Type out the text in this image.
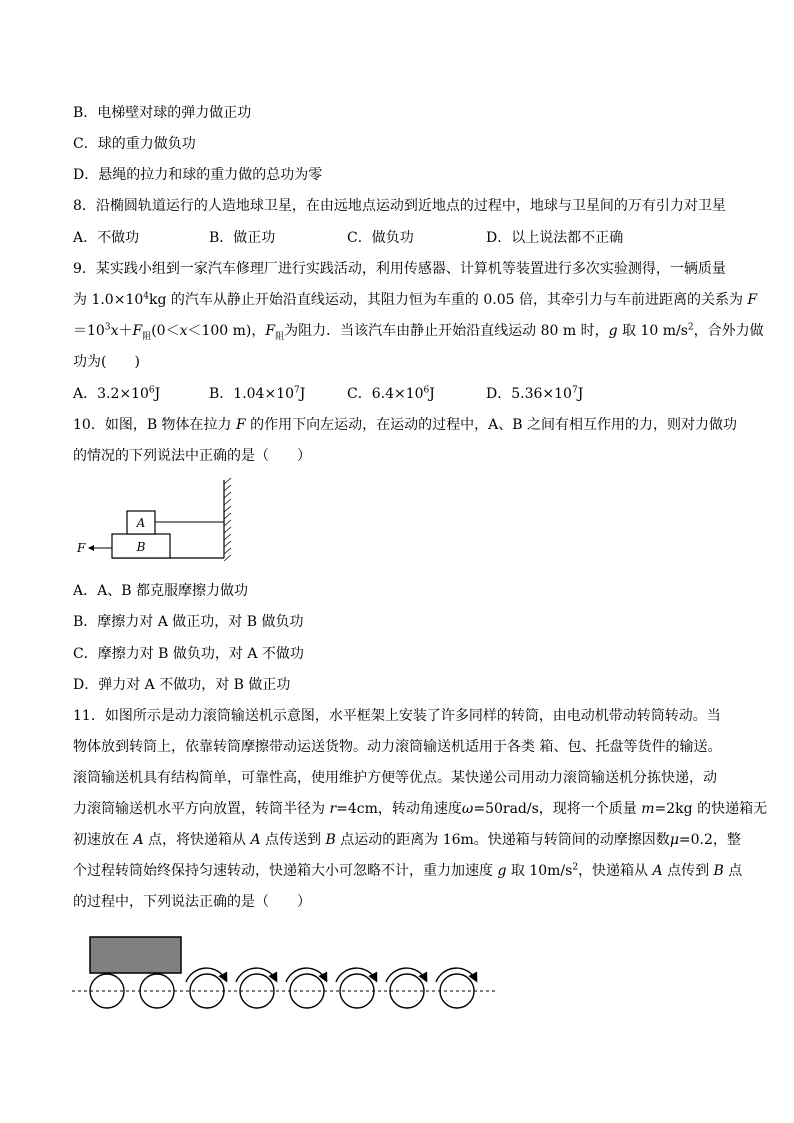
B．电梯壁对球的弹力做正功
C．球的重力做负功
D．悬绳的拉力和球的重力做的总功为零
8．沿椭圆轨道运行的人造地球卫星，在由远地点运动到近地点的过程中，地球与卫星间的万有引力对卫星
A．不做功	B．做正功	C．做负功	D．以上说法都不正确
9．某实践小组到一家汽车修理厂进行实践活动，利用传感器、计算机等装置进行多次实验测得，一辆质量
为 $1.0\times 10^4kg$ 的汽车从静止开始沿直线运动，其阻力恒为车重的 0.05 倍，其牵引力与车前进距离的关系为 F
$=10^3x+F_阻(0<x<100$ m)，$F_阻$为阻力．当该汽车由静止开始沿直线运动 80 m 时，g 取 10 $m/s^2$，合外力做
功为(　　)
A．$3.2\times 10^6J$	B．$1.04\times 10^7J$	C．$6.4\times 10^6J$	D．$5.36\times 10^7J$
10．如图，B 物体在拉力 F 的作用下向左运动，在运动的过程中，A、B 之间有相互作用的力，则对力做功
的情况的下列说法中正确的是（　　）
B
A
F
A．A、B 都克服摩擦力做功
B．摩擦力对 A 做正功，对 B 做负功
C．摩擦力对 B 做负功，对 A 不做功
D．弹力对 A 不做功，对 B 做正功
11．如图所示是动力滚筒输送机示意图，水平框架上安装了许多同样的转筒，由电动机带动转筒转动。当
物体放到转筒上，依靠转筒摩擦带动运送货物。动力滚筒输送机适用于各类 箱、包、托盘等货件的输送。
滚筒输送机具有结构简单，可靠性高，使用维护方便等优点。某快递公司用动力滚筒输送机分拣快递，动
力滚筒输送机水平方向放置，转筒半径为 r=4cm，转动角速度ω=50rad/s，现将一个质量 m=2kg 的快递箱无
初速放在 A 点，将快递箱从 A 点传送到 B 点运动的距离为 16m。快递箱与转筒间的动摩擦因数μ=0.2，整
个过程转筒始终保持匀速转动，快递箱大小可忽略不计，重力加速度 g 取 $10m/s^2$，快递箱从 A 点传到 B 点
的过程中，下列说法正确的是（　　）
